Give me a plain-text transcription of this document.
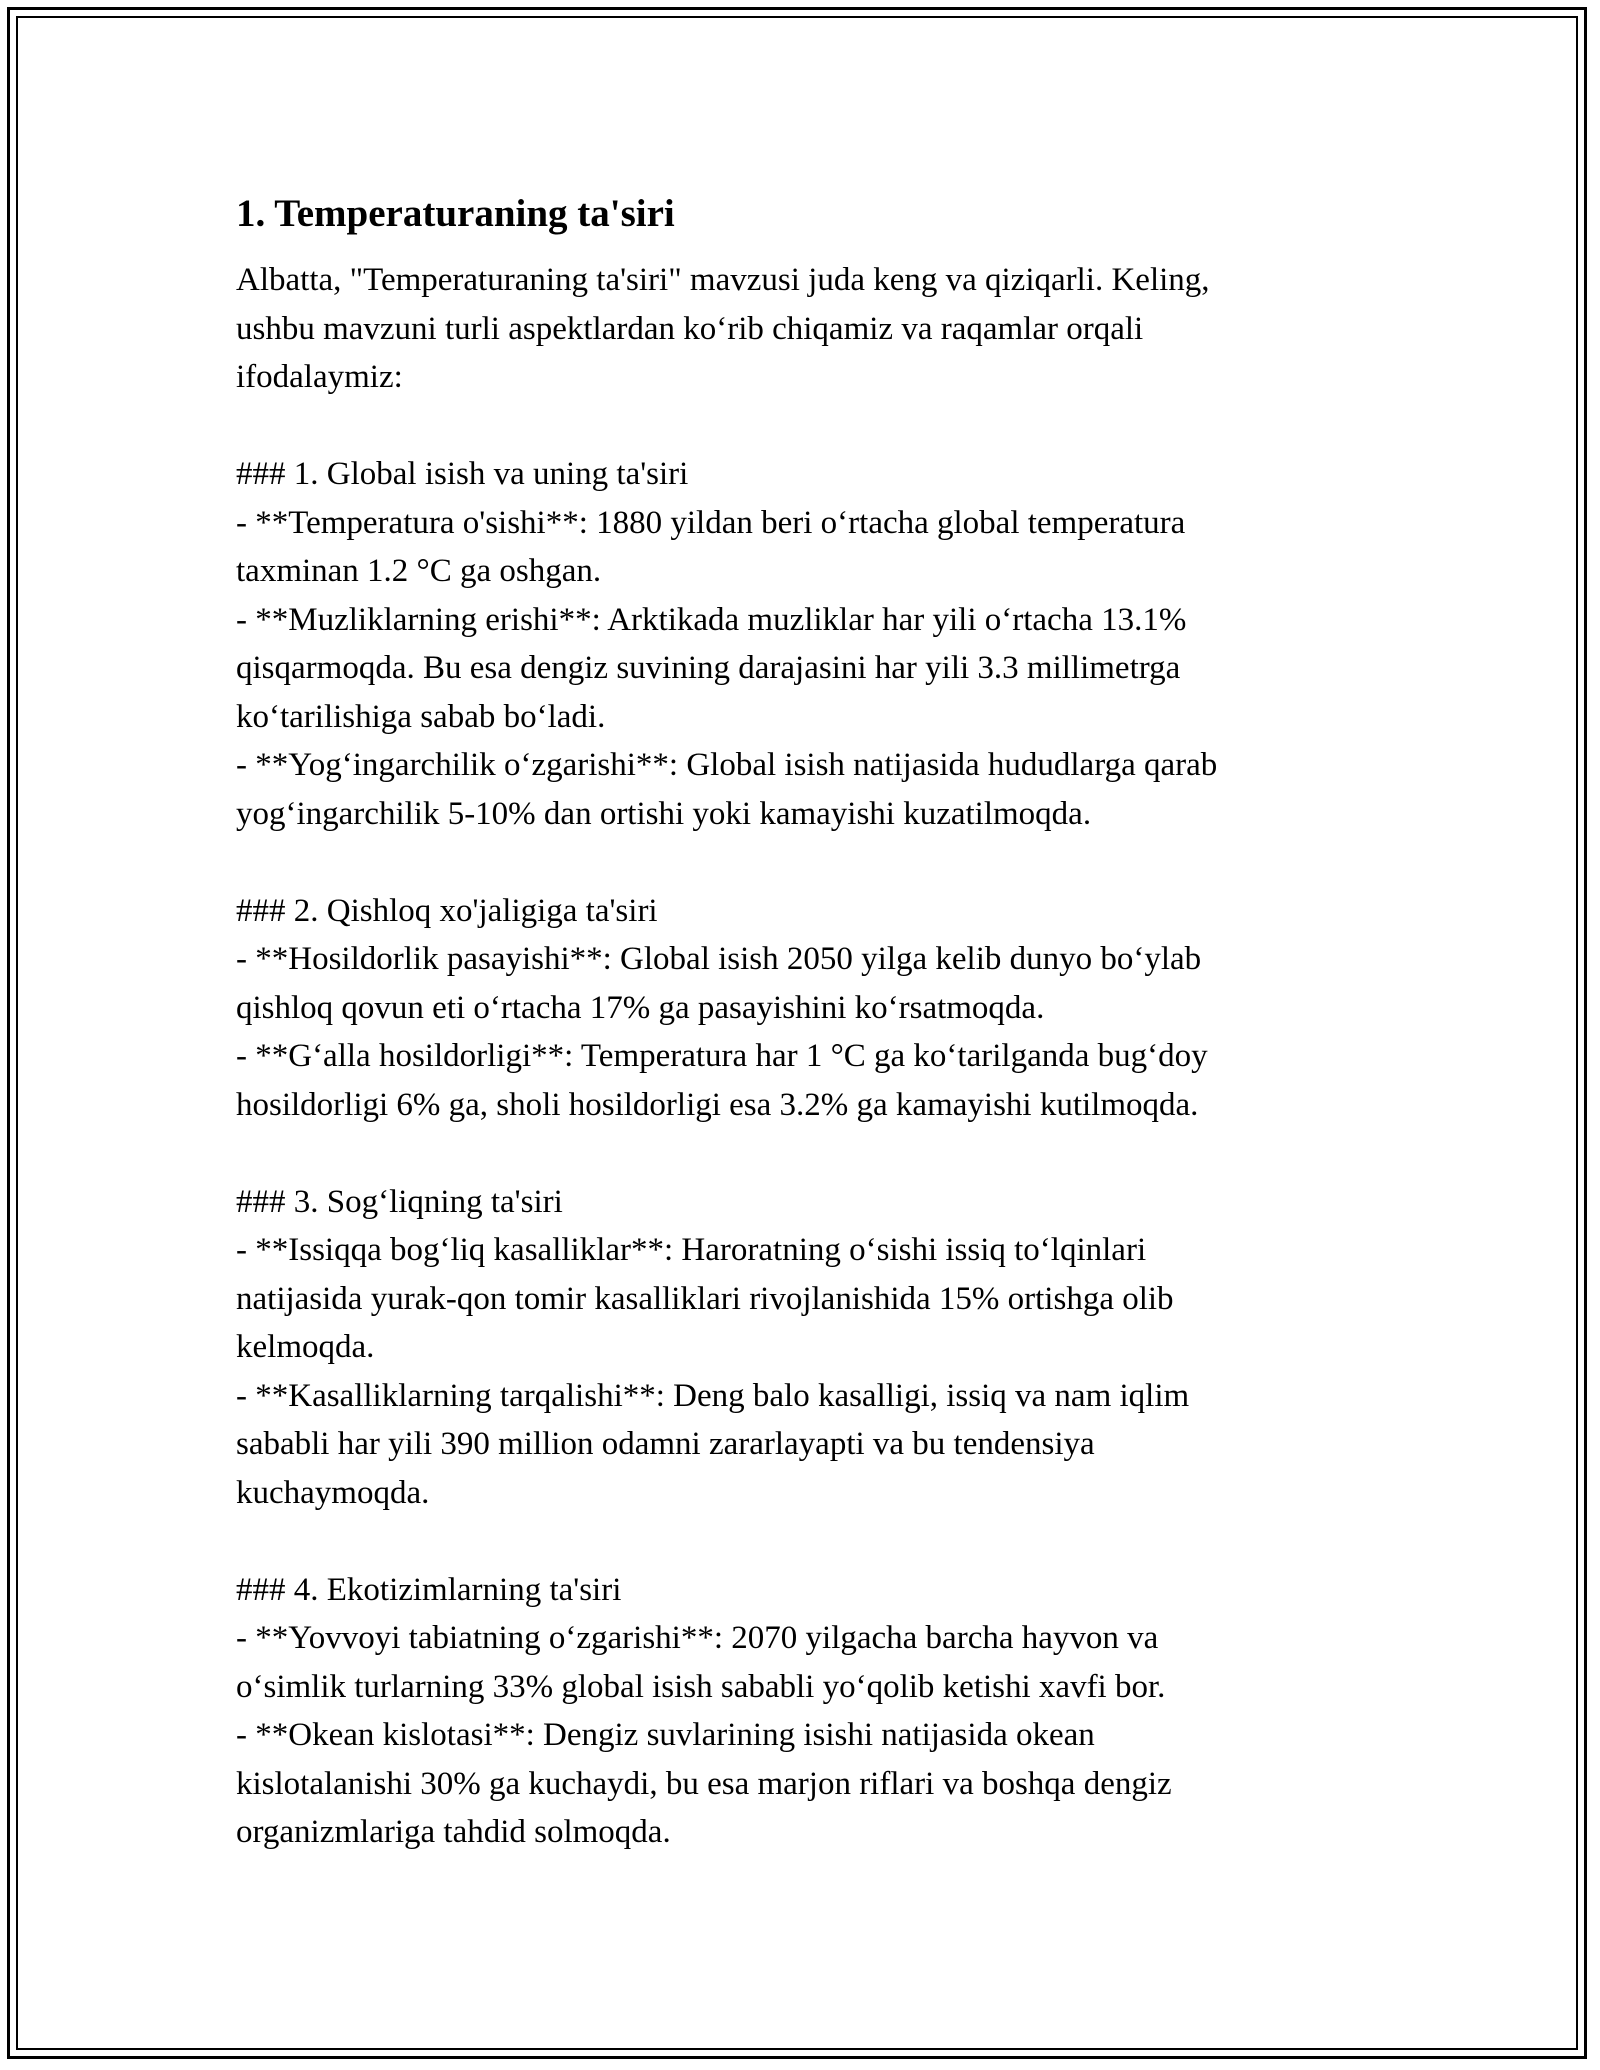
1. Temperaturaning ta'siri

Albatta, "Temperaturaning ta'siri" mavzusi juda keng va qiziqarli. Keling,

ushbu mavzuni turli aspektlardan ko‘rib chiqamiz va raqamlar orqali

ifodalaymiz:

### 1. Global isish va uning ta'siri

- **Temperatura o'sishi**: 1880 yildan beri o‘rtacha global temperatura

taxminan 1.2 °C ga oshgan.

- **Muzliklarning erishi**: Arktikada muzliklar har yili o‘rtacha 13.1%

qisqarmoqda. Bu esa dengiz suvining darajasini har yili 3.3 millimetrga

ko‘tarilishiga sabab bo‘ladi.

- **Yog‘ingarchilik o‘zgarishi**: Global isish natijasida hududlarga qarab

yog‘ingarchilik 5-10% dan ortishi yoki kamayishi kuzatilmoqda.

### 2. Qishloq xo'jaligiga ta'siri

- **Hosildorlik pasayishi**: Global isish 2050 yilga kelib dunyo bo‘ylab

qishloq qovun eti o‘rtacha 17% ga pasayishini ko‘rsatmoqda.

- **G‘alla hosildorligi**: Temperatura har 1 °C ga ko‘tarilganda bug‘doy

hosildorligi 6% ga, sholi hosildorligi esa 3.2% ga kamayishi kutilmoqda.

### 3. Sog‘liqning ta'siri

- **Issiqqa bog‘liq kasalliklar**: Haroratning o‘sishi issiq to‘lqinlari

natijasida yurak-qon tomir kasalliklari rivojlanishida 15% ortishga olib

kelmoqda.

- **Kasalliklarning tarqalishi**: Deng balo kasalligi, issiq va nam iqlim

sababli har yili 390 million odamni zararlayapti va bu tendensiya

kuchaymoqda.

### 4. Ekotizimlarning ta'siri

- **Yovvoyi tabiatning o‘zgarishi**: 2070 yilgacha barcha hayvon va

o‘simlik turlarning 33% global isish sababli yo‘qolib ketishi xavfi bor.

- **Okean kislotasi**: Dengiz suvlarining isishi natijasida okean

kislotalanishi 30% ga kuchaydi, bu esa marjon riflari va boshqa dengiz

organizmlariga tahdid solmoqda.
